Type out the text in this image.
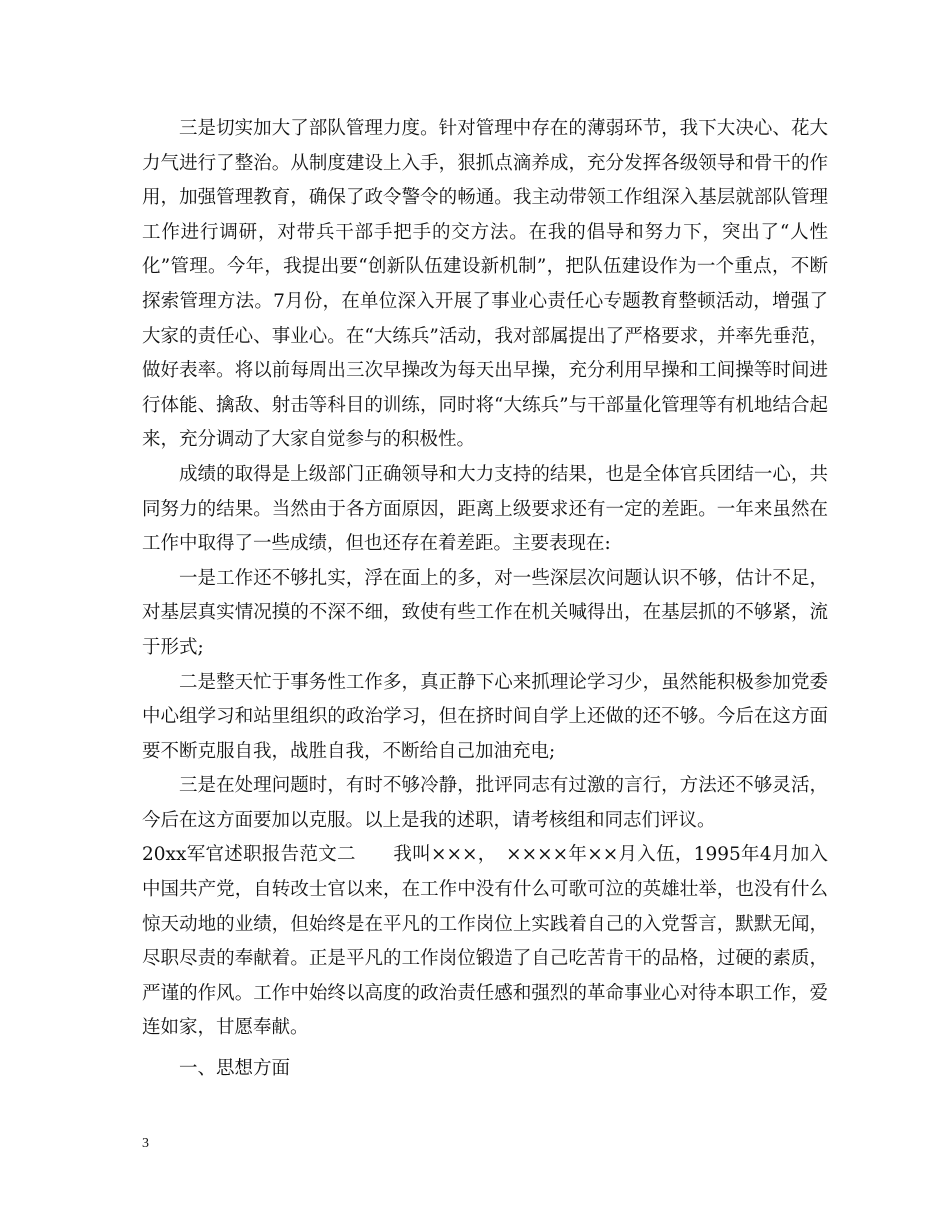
三是切实加大了部队管理力度。针对管理中存在的薄弱环节，我下大决心、花大力气进行了整治。从制度建设上入手，狠抓点滴养成，充分发挥各级领导和骨干的作用，加强管理教育，确保了政令警令的畅通。我主动带领工作组深入基层就部队管理工作进行调研，对带兵干部手把手的交方法。在我的倡导和努力下，突出了“人性化”管理。今年，我提出要“创新队伍建设新机制”，把队伍建设作为一个重点，不断探索管理方法。7月份，在单位深入开展了事业心责任心专题教育整顿活动，增强了大家的责任心、事业心。在“大练兵”活动，我对部属提出了严格要求，并率先垂范，做好表率。将以前每周出三次早操改为每天出早操，充分利用早操和工间操等时间进行体能、擒敌、射击等科目的训练，同时将“大练兵”与干部量化管理等有机地结合起来，充分调动了大家自觉参与的积极性。

成绩的取得是上级部门正确领导和大力支持的结果，也是全体官兵团结一心，共同努力的结果。当然由于各方面原因，距离上级要求还有一定的差距。一年来虽然在工作中取得了一些成绩，但也还存在着差距。主要表现在:

一是工作还不够扎实，浮在面上的多，对一些深层次问题认识不够，估计不足，对基层真实情况摸的不深不细，致使有些工作在机关喊得出，在基层抓的不够紧，流于形式;

二是整天忙于事务性工作多，真正静下心来抓理论学习少，虽然能积极参加党委中心组学习和站里组织的政治学习，但在挤时间自学上还做的还不够。今后在这方面要不断克服自我，战胜自我，不断给自己加油充电;

三是在处理问题时，有时不够冷静，批评同志有过激的言行，方法还不够灵活，今后在这方面要加以克服。以上是我的述职，请考核组和同志们评议。

20xx军官述职报告范文二　　我叫×××，　××××年××月入伍，1995年4月加入中国共产党，自转改士官以来，在工作中没有什么可歌可泣的英雄壮举，也没有什么惊天动地的业绩，但始终是在平凡的工作岗位上实践着自己的入党誓言，默默无闻，尽职尽责的奉献着。正是平凡的工作岗位锻造了自己吃苦肯干的品格，过硬的素质，严谨的作风。工作中始终以高度的政治责任感和强烈的革命事业心对待本职工作，爱连如家，甘愿奉献。

一、思想方面

3
